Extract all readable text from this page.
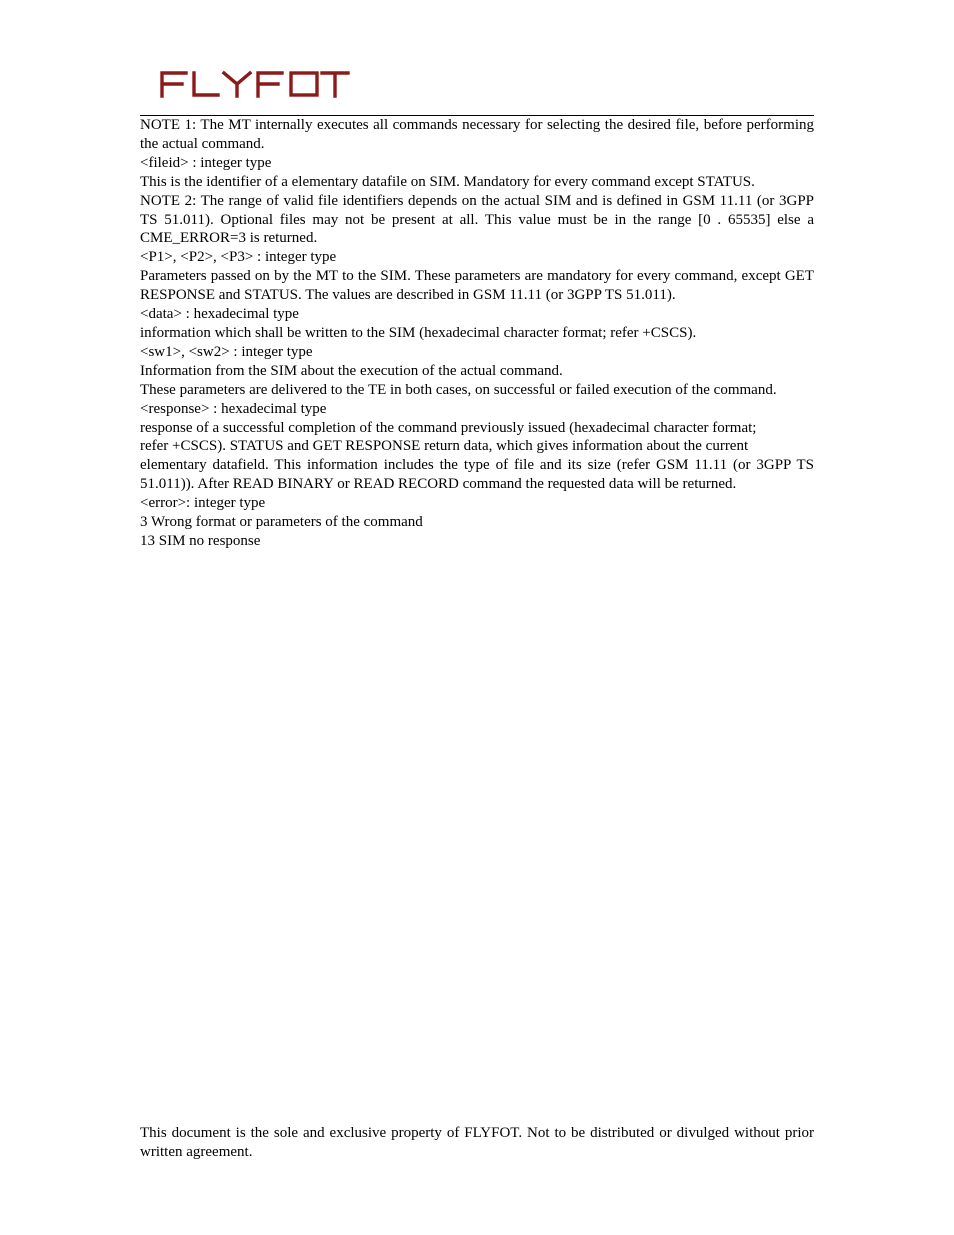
NOTE 1: The MT internally executes all commands necessary for selecting the desired file, before performing the actual command.

<fileid> : integer type

This is the identifier of a elementary datafile on SIM. Mandatory for every command except STATUS.

NOTE 2: The range of valid file identifiers depends on the actual SIM and is defined in GSM 11.11 (or 3GPP TS 51.011). Optional files may not be present at all. This value must be in the range [0 . 65535] else a CME_ERROR=3 is returned.

<P1>, <P2>, <P3> : integer type

Parameters passed on by the MT to the SIM. These parameters are mandatory for every command, except GET RESPONSE and STATUS. The values are described in GSM 11.11 (or 3GPP TS 51.011).

<data> : hexadecimal type

information which shall be written to the SIM (hexadecimal character format; refer +CSCS).

<sw1>, <sw2> : integer type

Information from the SIM about the execution of the actual command.

These parameters are delivered to the TE in both cases, on successful or failed execution of the command.

<response> : hexadecimal type

response of a successful completion of the command previously issued (hexadecimal character format;

refer +CSCS). STATUS and GET RESPONSE return data, which gives information about the current

elementary datafield. This information includes the type of file and its size (refer GSM 11.11 (or 3GPP TS 51.011)). After READ BINARY or READ RECORD command the requested data will be returned.

<error>: integer type

3 Wrong format or parameters of the command

13 SIM no response

This document is the sole and exclusive property of FLYFOT. Not to be distributed or divulged without prior written agreement.
